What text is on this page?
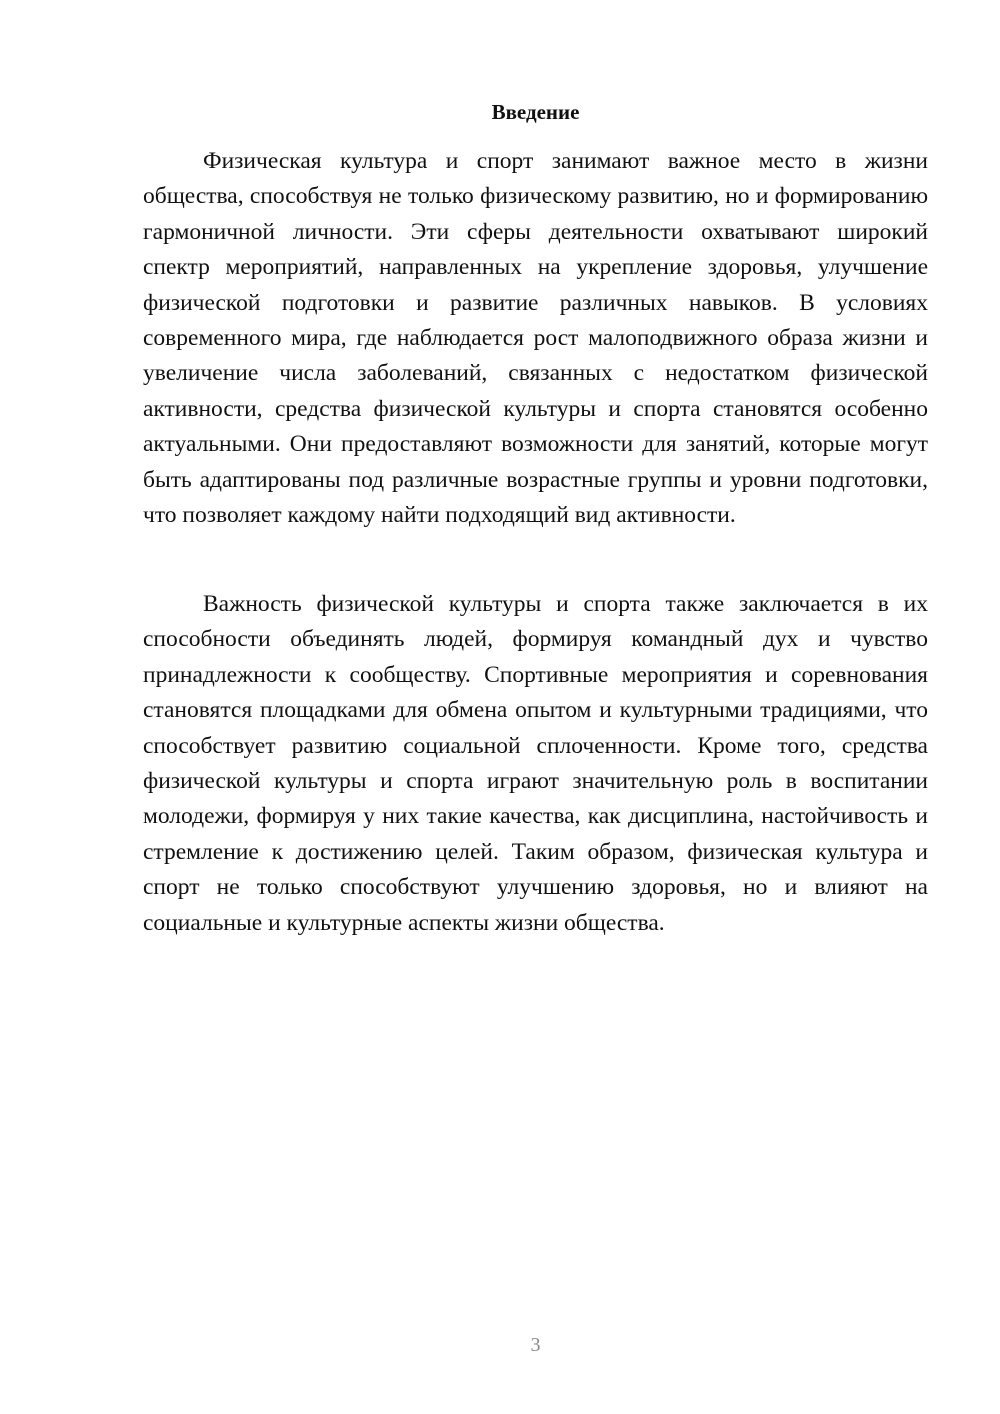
Введение

Физическая культура и спорт занимают важное место в жизни общества, способствуя не только физическому развитию, но и формированию гармоничной личности. Эти сферы деятельности охватывают широкий спектр мероприятий, направленных на укрепление здоровья, улучшение физической подготовки и развитие различных навыков. В условиях современного мира, где наблюдается рост малоподвижного образа жизни и увеличение числа заболеваний, связанных с недостатком физической активности, средства физической культуры и спорта становятся особенно актуальными. Они предоставляют возможности для занятий, которые могут быть адаптированы под различные возрастные группы и уровни подготовки, что позволяет каждому найти подходящий вид активности.

Важность физической культуры и спорта также заключается в их способности объединять людей, формируя командный дух и чувство принадлежности к сообществу. Спортивные мероприятия и соревнования становятся площадками для обмена опытом и культурными традициями, что способствует развитию социальной сплоченности. Кроме того, средства физической культуры и спорта играют значительную роль в воспитании молодежи, формируя у них такие качества, как дисциплина, настойчивость и стремление к достижению целей. Таким образом, физическая культура и спорт не только способствуют улучшению здоровья, но и влияют на социальные и культурные аспекты жизни общества.

3
